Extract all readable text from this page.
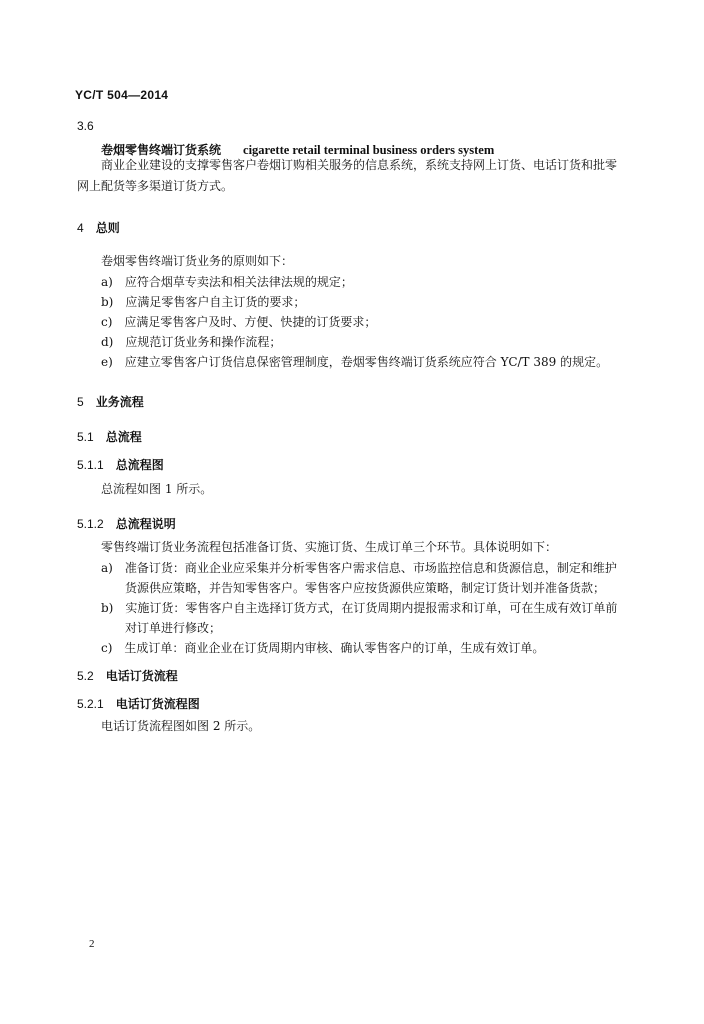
YC/T 504—2014
3.6
卷烟零售终端订货系统 cigarette retail terminal business orders system
商业企业建设的支撑零售客户卷烟订购相关服务的信息系统，系统支持网上订货、电话订货和批零
网上配货等多渠道订货方式。
4 总则
卷烟零售终端订货业务的原则如下：
a) 应符合烟草专卖法和相关法律法规的规定；
b) 应满足零售客户自主订货的要求；
c) 应满足零售客户及时、方便、快捷的订货要求；
d) 应规范订货业务和操作流程；
e) 应建立零售客户订货信息保密管理制度，卷烟零售终端订货系统应符合 YC/T 389 的规定。
5 业务流程
5.1 总流程
5.1.1 总流程图
总流程如图 1 所示。
5.1.2 总流程说明
零售终端订货业务流程包括准备订货、实施订货、生成订单三个环节。具体说明如下：
a) 准备订货：商业企业应采集并分析零售客户需求信息、市场监控信息和货源信息，制定和维护
货源供应策略，并告知零售客户。零售客户应按货源供应策略，制定订货计划并准备货款；
b) 实施订货：零售客户自主选择订货方式，在订货周期内提报需求和订单，可在生成有效订单前
对订单进行修改；
c) 生成订单：商业企业在订货周期内审核、确认零售客户的订单，生成有效订单。
5.2 电话订货流程
5.2.1 电话订货流程图
电话订货流程图如图 2 所示。
2
